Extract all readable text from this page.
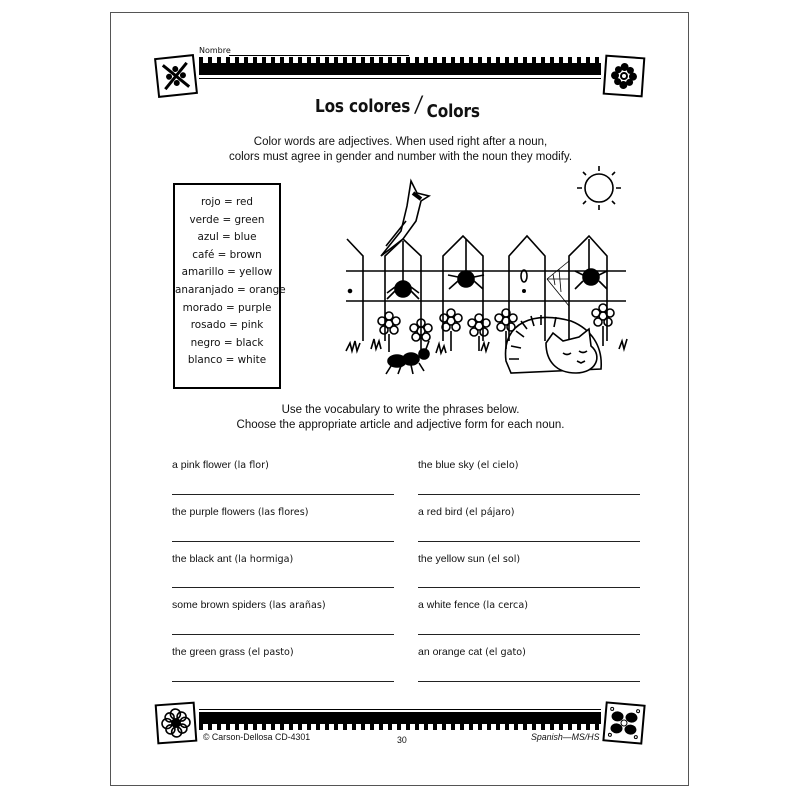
Nombre
Los colores / Colors
Color words are adjectives. When used right after a noun,
colors must agree in gender and number with the noun they modify.
rojo = red
verde = green
azul = blue
café = brown
amarillo = yellow
anaranjado = orange
morado = purple
rosado = pink
negro = black
blanco = white
Use the vocabulary to write the phrases below.
Choose the appropriate article and adjective form for each noun.
a pink flower (la flor)
the purple flowers (las flores)
the black ant (la hormiga)
some brown spiders (las arañas)
the green grass (el pasto)
the blue sky (el cielo)
a red bird (el pájaro)
the yellow sun (el sol)
a white fence (la cerca)
an orange cat (el gato)
© Carson-Dellosa CD-4301	30	Spanish—MS/HS
